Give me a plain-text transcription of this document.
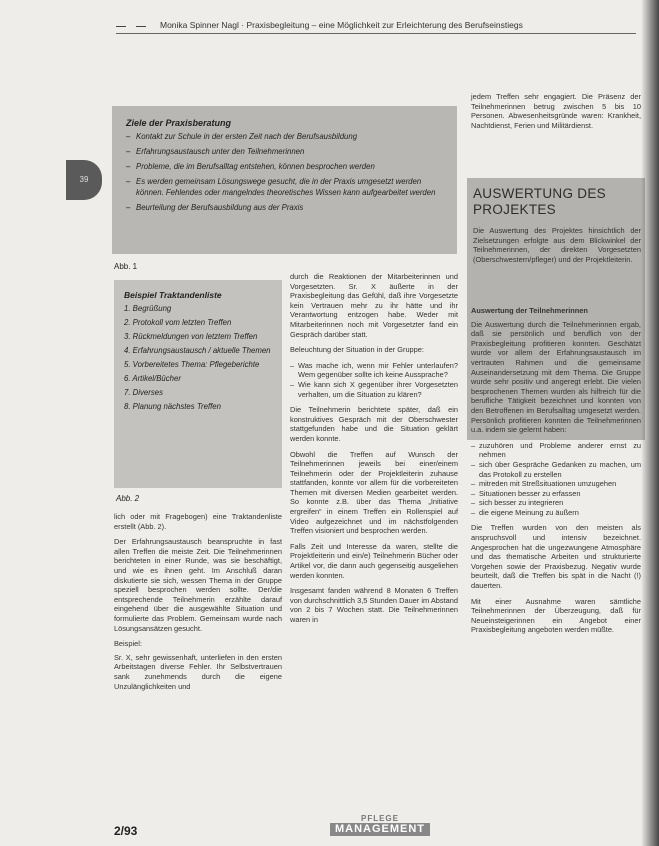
Monika Spinner Nagl · Praxisbegleitung – eine Möglichkeit zur Erleichterung des Berufseinstiegs
39
Ziele der Praxisberatung
– Kontakt zur Schule in der ersten Zeit nach der Berufsausbildung
– Erfahrungsaustausch unter den Teilnehmerinnen
– Probleme, die im Berufsalltag entstehen, können besprochen werden
– Es werden gemeinsam Lösungswege gesucht, die in der Praxis umgesetzt werden können. Fehlendes oder mangelndes theoretisches Wissen kann aufgearbeitet werden
– Beurteilung der Berufsausbildung aus der Praxis
Abb. 1
Beispiel Traktandenliste
1. Begrüßung
2. Protokoll vom letzten Treffen
3. Rückmeldungen von letztem Treffen
4. Erfahrungsaustausch / aktuelle Themen
5. Vorbereitetes Thema: Pflegeberichte
6. Artikel/Bücher
7. Diverses
8. Planung nächstes Treffen
Abb. 2

lich oder mit Fragebogen) eine Traktandenliste erstellt (Abb. 2).

Der Erfahrungsaustausch beanspruchte in fast allen Treffen die meiste Zeit. Die Teilnehmerinnen berichteten in einer Runde, was sie beschäftigt, und wie es ihnen geht. Im Anschluß daran diskutierte sie sich, wessen Thema in der Gruppe speziell besprochen werden sollte. Der/die entsprechende Teilnehmerin erzählte darauf eingehend über die ausgewählte Situation und formulierte das Problem. Gemeinsam wurde nach Lösungsansätzen gesucht.

Beispiel:

Sr. X, sehr gewissenhaft, unterliefen in den ersten Arbeitstagen diverse Fehler. Ihr Selbstvertrauen sank zunehmends durch die eigene Unzulänglichkeiten und

durch die Reaktionen der Mitarbeiterinnen und Vorgesetzten. Sr. X äußerte in der Praxisbegleitung das Gefühl, daß ihre Vorgesetzte kein Vertrauen mehr zu ihr hätte und ihr Verantwortung entzogen habe. Weder mit Mitarbeiterinnen noch mit Vorgesetzter fand ein Gespräch darüber statt.

Beleuchtung der Situation in der Gruppe:

– Was mache ich, wenn mir Fehler unterlaufen? Wem gegenüber sollte ich keine Aussprache?
– Wie kann sich X gegenüber ihrer Vorgesetzten verhalten, um die Situation zu klären?

Die Teilnehmerin berichtete später, daß ein konstruktives Gespräch mit der Oberschwester stattgefunden habe und die Situation geklärt werden konnte.

Obwohl die Treffen auf Wunsch der Teilnehmerinnen jeweils bei einer/einem Teilnehmerin oder der Projektleiterin zuhause stattfanden, konnte vor allem für die vorbereiteten Themen mit diversen Medien gearbeitet werden. So konnte z.B. über das Thema „Initiative ergreifen“ in einem Treffen ein Rollenspiel auf Video aufgezeichnet und im nächstfolgenden Treffen visioniert und besprochen werden.

Falls Zeit und Interesse da waren, stellte die Projektleiterin und ein/e) Teilnehmerin Bücher oder Artikel vor, die dann auch gegenseitig ausgeliehen werden konnten.

Insgesamt fanden während 8 Monaten 6 Treffen von durchschnittlich 3,5 Stunden Dauer im Abstand von 2 bis 7 Wochen statt. Die Teilnehmerinnen waren in

jedem Treffen sehr engagiert. Die Präsenz der Teilnehmerinnen betrug zwischen 5 bis 10 Personen. Abwesenheitsgründe waren: Krankheit, Nachtdienst, Ferien und Militärdienst.

AUSWERTUNG DES PROJEKTES

Die Auswertung des Projektes hinsichtlich der Zielsetzungen erfolgte aus dem Blickwinkel der Teilnehmerinnen, der direkten Vorgesetzten (Oberschwestern/pfleger) und der Projektleiterin.

Auswertung der Teilnehmerinnen

Die Auswertung durch die Teilnehmerinnen ergab, daß sie persönlich und beruflich von der Praxisbegleitung profitieren konnten. Geschätzt wurde vor allem der Erfahrungsaustausch im vertrauten Rahmen und die gemeinsame Auseinandersetzung mit dem Thema. Die Gruppe wurde sehr positiv und angeregt erlebt. Die vielen besprochenen Themen wurden als hilfreich für die berufliche Tätigkeit bezeichnet und konnten von den Betroffenen im Berufsalltag umgesetzt werden. Persönlich profitieren konnten die Teilnehmerinnen u.a. indem sie gelernt haben:

– zuzuhören und Probleme anderer ernst zu nehmen
– sich über Gespräche Gedanken zu machen, um das Protokoll zu erstellen
– mitreden mit Streßsituationen umzugehen
– Situationen besser zu erfassen
– sich besser zu integrieren
– die eigene Meinung zu äußern

Die Treffen wurden von den meisten als anspruchsvoll und intensiv bezeichnet. Angesprochen hat die ungezwungene Atmosphäre und das thematische Arbeiten und strukturierte Vorgehen sowie der Praxisbezug. Negativ wurde beurteilt, daß die Treffen bis spät in die Nacht (!) dauerten.

Mit einer Ausnahme waren sämtliche Teilnehmerinnen der Überzeugung, daß für Neueinsteigerinnen ein Angebot einer Praxisbegleitung angeboten werden müßte.

2/93
PFLEGE
MANAGEMENT
